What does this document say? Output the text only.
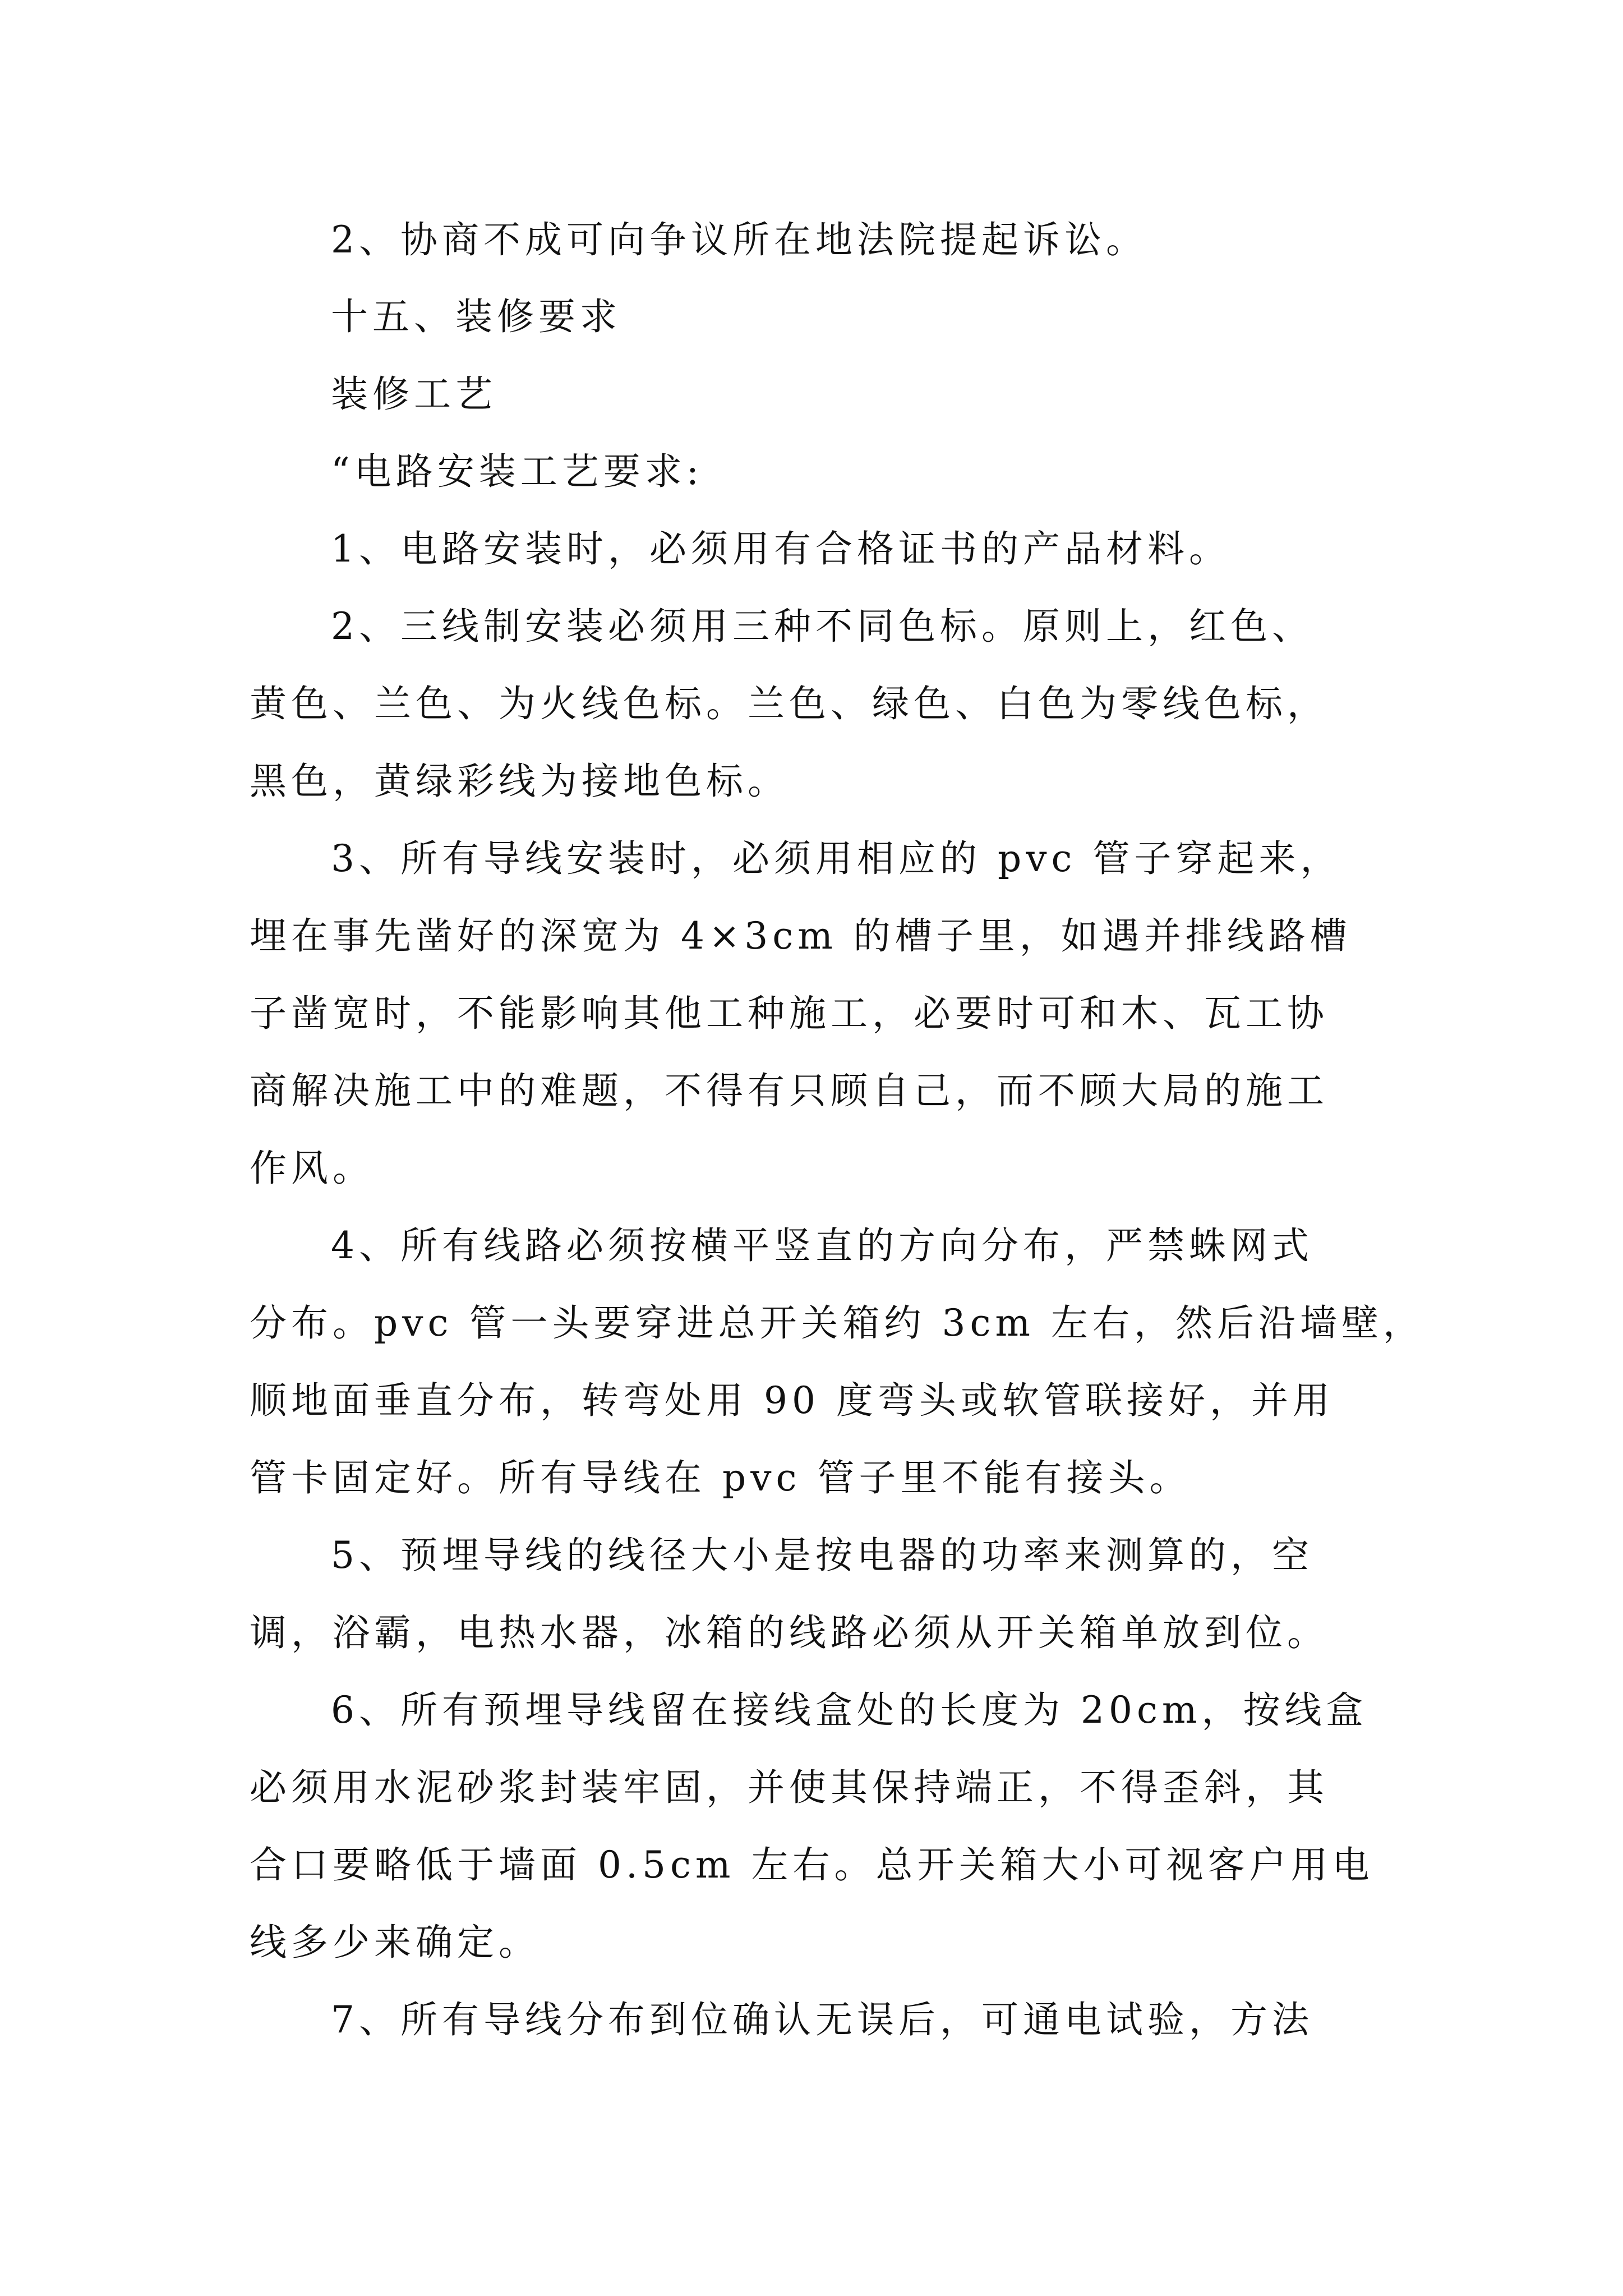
2、协商不成可向争议所在地法院提起诉讼。
十五、装修要求
装修工艺
“电路安装工艺要求:
1、电路安装时，必须用有合格证书的产品材料。
2、三线制安装必须用三种不同色标。原则上，红色、
黄色、兰色、为火线色标。兰色、绿色、白色为零线色标，
黑色，黄绿彩线为接地色标。
3、所有导线安装时，必须用相应的 pvc 管子穿起来，
埋在事先凿好的深宽为 4×3cm 的槽子里，如遇并排线路槽
子凿宽时，不能影响其他工种施工，必要时可和木、瓦工协
商解决施工中的难题，不得有只顾自己，而不顾大局的施工
作风。
4、所有线路必须按横平竖直的方向分布，严禁蛛网式
分布。pvc 管一头要穿进总开关箱约 3cm 左右，然后沿墙壁，
顺地面垂直分布，转弯处用 90 度弯头或软管联接好，并用
管卡固定好。所有导线在 pvc 管子里不能有接头。
5、预埋导线的线径大小是按电器的功率来测算的，空
调，浴霸，电热水器，冰箱的线路必须从开关箱单放到位。
6、所有预埋导线留在接线盒处的长度为 20cm，按线盒
必须用水泥砂浆封装牢固，并使其保持端正，不得歪斜，其
合口要略低于墙面 0.5cm 左右。总开关箱大小可视客户用电
线多少来确定。
7、所有导线分布到位确认无误后，可通电试验，方法
